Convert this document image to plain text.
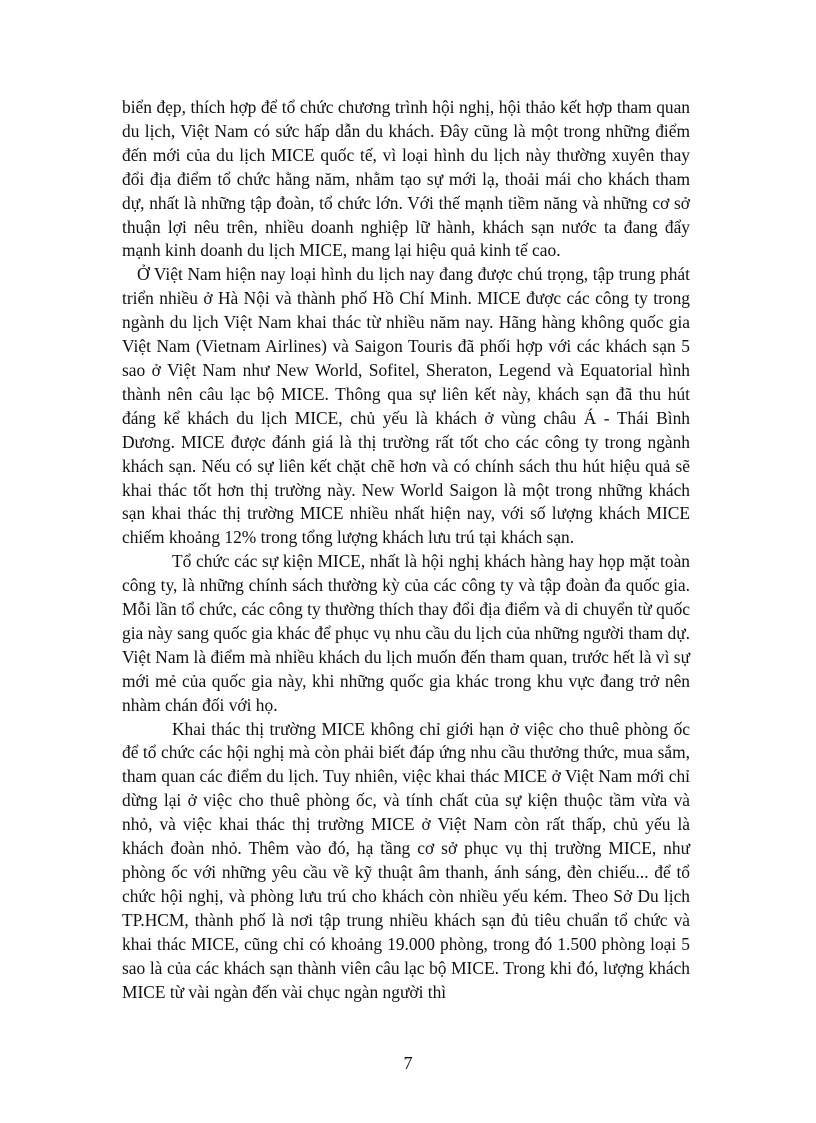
biển đẹp, thích hợp để tổ chức chương trình hội nghị, hội thảo kết hợp tham quan du lịch, Việt Nam có sức hấp dẫn du khách. Đây cũng là một trong những điểm đến mới của du lịch MICE quốc tế, vì loại hình du lịch này thường xuyên thay đổi địa điểm tổ chức hằng năm, nhằm tạo sự mới lạ, thoải mái cho khách tham dự, nhất là những tập đoàn, tổ chức lớn. Với thế mạnh tiềm năng và những cơ sở thuận lợi nêu trên, nhiều doanh nghiệp lữ hành, khách sạn nước ta đang đẩy mạnh kinh doanh du lịch MICE, mang lại hiệu quả kinh tế cao.

Ở Việt Nam hiện nay loại hình du lịch nay đang được chú trọng, tập trung phát triển nhiều ở Hà Nội và thành phố Hồ Chí Minh. MICE được các công ty trong ngành du lịch Việt Nam khai thác từ nhiều năm nay. Hãng hàng không quốc gia Việt Nam (Vietnam Airlines) và Saigon Touris đã phối hợp với các khách sạn 5 sao ở Việt Nam như New World, Sofitel, Sheraton, Legend và Equatorial hình thành nên câu lạc bộ MICE. Thông qua sự liên kết này, khách sạn đã thu hút đáng kể khách du lịch MICE, chủ yếu là khách ở vùng châu Á - Thái Bình Dương. MICE được đánh giá là thị trường rất tốt cho các công ty trong ngành khách sạn. Nếu có sự liên kết chặt chẽ hơn và có chính sách thu hút hiệu quả sẽ khai thác tốt hơn thị trường này. New World Saigon là một trong những khách sạn khai thác thị trường MICE nhiều nhất hiện nay, với số lượng khách MICE chiếm khoảng 12% trong tổng lượng khách lưu trú tại khách sạn.

Tổ chức các sự kiện MICE, nhất là hội nghị khách hàng hay họp mặt toàn công ty, là những chính sách thường kỳ của các công ty và tập đoàn đa quốc gia. Mỗi lần tổ chức, các công ty thường thích thay đổi địa điểm và di chuyển từ quốc gia này sang quốc gia khác để phục vụ nhu cầu du lịch của những người tham dự. Việt Nam là điểm mà nhiều khách du lịch muốn đến tham quan, trước hết là vì sự mới mẻ của quốc gia này, khi những quốc gia khác trong khu vực đang trở nên nhàm chán đối với họ.

Khai thác thị trường MICE không chỉ giới hạn ở việc cho thuê phòng ốc để tổ chức các hội nghị mà còn phải biết đáp ứng nhu cầu thưởng thức, mua sắm, tham quan các điểm du lịch. Tuy nhiên, việc khai thác MICE ở Việt Nam mới chỉ dừng lại ở việc cho thuê phòng ốc, và tính chất của sự kiện thuộc tầm vừa và nhỏ, và việc khai thác thị trường MICE ở Việt Nam còn rất thấp, chủ yếu là khách đoàn nhỏ. Thêm vào đó, hạ tầng cơ sở phục vụ thị trường MICE, như phòng ốc với những yêu cầu về kỹ thuật âm thanh, ánh sáng, đèn chiếu... để tổ chức hội nghị, và phòng lưu trú cho khách còn nhiều yếu kém. Theo Sở Du lịch TP.HCM, thành phố là nơi tập trung nhiều khách sạn đủ tiêu chuẩn tổ chức và khai thác MICE, cũng chỉ có khoảng 19.000 phòng, trong đó 1.500 phòng loại 5 sao là của các khách sạn thành viên câu lạc bộ MICE. Trong khi đó, lượng khách MICE từ vài ngàn đến vài chục ngàn người thì

7
